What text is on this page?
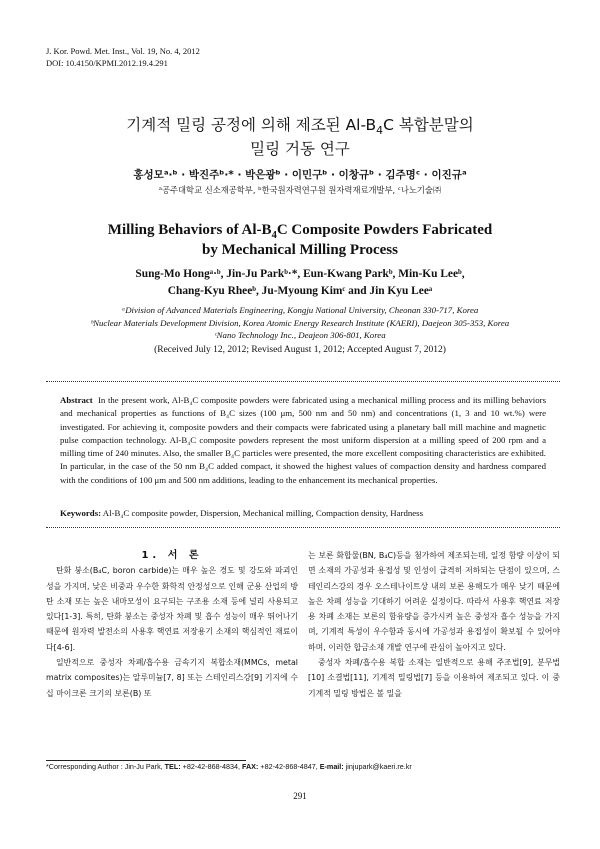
J. Kor. Powd. Met. Inst., Vol. 19, No. 4, 2012
DOI: 10.4150/KPMI.2012.19.4.291
기계적 밀링 공정에 의해 제조된 $Al-B_4C$ 복합분말의
밀링 거동 연구
홍성모ᵃ·ᵇ · 박진주ᵇ·* · 박은광ᵇ · 이민구ᵇ · 이창규ᵇ · 김주명ᶜ · 이진규ᵃ
ᵃ공주대학교 신소재공학부, ᵇ한국원자력연구원 원자력재료개발부, ᶜ나노기술㈜
Milling Behaviors of $Al-B_4C$ Composite Powders Fabricated
by Mechanical Milling Process
Sung-Mo Hongᵃ·ᵇ, Jin-Ju Parkᵇ·*, Eun-Kwang Parkᵇ, Min-Ku Leeᵇ,
Chang-Kyu Rheeᵇ, Ju-Myoung Kimᶜ and Jin Kyu Leeᵃ
ᵃDivision of Advanced Materials Engineering, Kongju National University, Cheonan 330-717, Korea
ᵇNuclear Materials Development Division, Korea Atomic Energy Research Institute (KAERI), Daejeon 305-353, Korea
ᶜNano Technology Inc., Deajeon 306-801, Korea
(Received July 12, 2012; Revised August 1, 2012; Accepted August 7, 2012)
Abstract In the present work, Al-B₄C composite powders were fabricated using a mechanical milling process and its milling behaviors and mechanical properties as functions of B₄C sizes (100 μm, 500 nm and 50 nm) and concentrations (1, 3 and 10 wt.%) were investigated. For achieving it, composite powders and their compacts were fabricated using a planetary ball mill machine and magnetic pulse compaction technology. Al-B₄C composite powders represent the most uniform dispersion at a milling speed of 200 rpm and a milling time of 240 minutes. Also, the smaller B₄C particles were presented, the more excellent compositing characteristics are exhibited. In particular, in the case of the 50 nm B₄C added compact, it showed the highest values of compaction density and hardness compared with the conditions of 100 μm and 500 nm additions, leading to the enhancement its mechanical properties.
Keywords: Al-B₄C composite powder, Dispersion, Mechanical milling, Compaction density, Hardness

1. 서 론

탄화 붕소(B₄C, boron carbide)는 매우 높은 경도 및 강도와 파괴인성을 가지며, 낮은 비중과 우수한 화학적 안정성으로 인해 군용 산업의 방탄 소재 또는 높은 내마모성이 요구되는 구조용 소재 등에 널리 사용되고 있다[1-3]. 특히, 탄화 붕소는 중성자 차폐 및 흡수 성능이 매우 뛰어나기 때문에 원자력 발전소의 사용후 핵연료 저장용기 소재의 핵심적인 재료이다[4-6].

일반적으로 중성자 차폐/흡수용 금속기지 복합소재(MMCs, metal matrix composites)는 알루미늄[7, 8] 또는 스테인리스강[9] 기지에 수십 마이크론 크기의 보론(B) 또

는 보론 화합물(BN, B₄C)등을 첨가하여 제조되는데, 일정 함량 이상이 되면 소재의 가공성과 용접성 및 인성이 급격히 저하되는 단점이 있으며, 스테인리스강의 경우 오스테나이트상 내의 보론 용해도가 매우 낮기 때문에 높은 차폐 성능을 기대하기 어려운 실정이다. 따라서 사용후 핵연료 저장용 차폐 소재는 보론의 함유량을 증가시켜 높은 중성자 흡수 성능을 가지며, 기계적 특성이 우수함과 동시에 가공성과 용접성이 확보될 수 있어야 하며, 이러한 합금소재 개발 연구에 관심이 높아지고 있다.

중성자 차폐/흡수용 복합 소재는 일반적으로 용해 주조법[9], 분무법[10] 소결법[11], 기계적 밀링법[7] 등을 이용하여 제조되고 있다. 이 중 기계적 밀링 방법은 볼 밀을

*Corresponding Author : Jin-Ju Park, TEL: +82-42-868-4834, FAX: +82-42-868-4847, E-mail: jinjupark@kaeri.re.kr
291
